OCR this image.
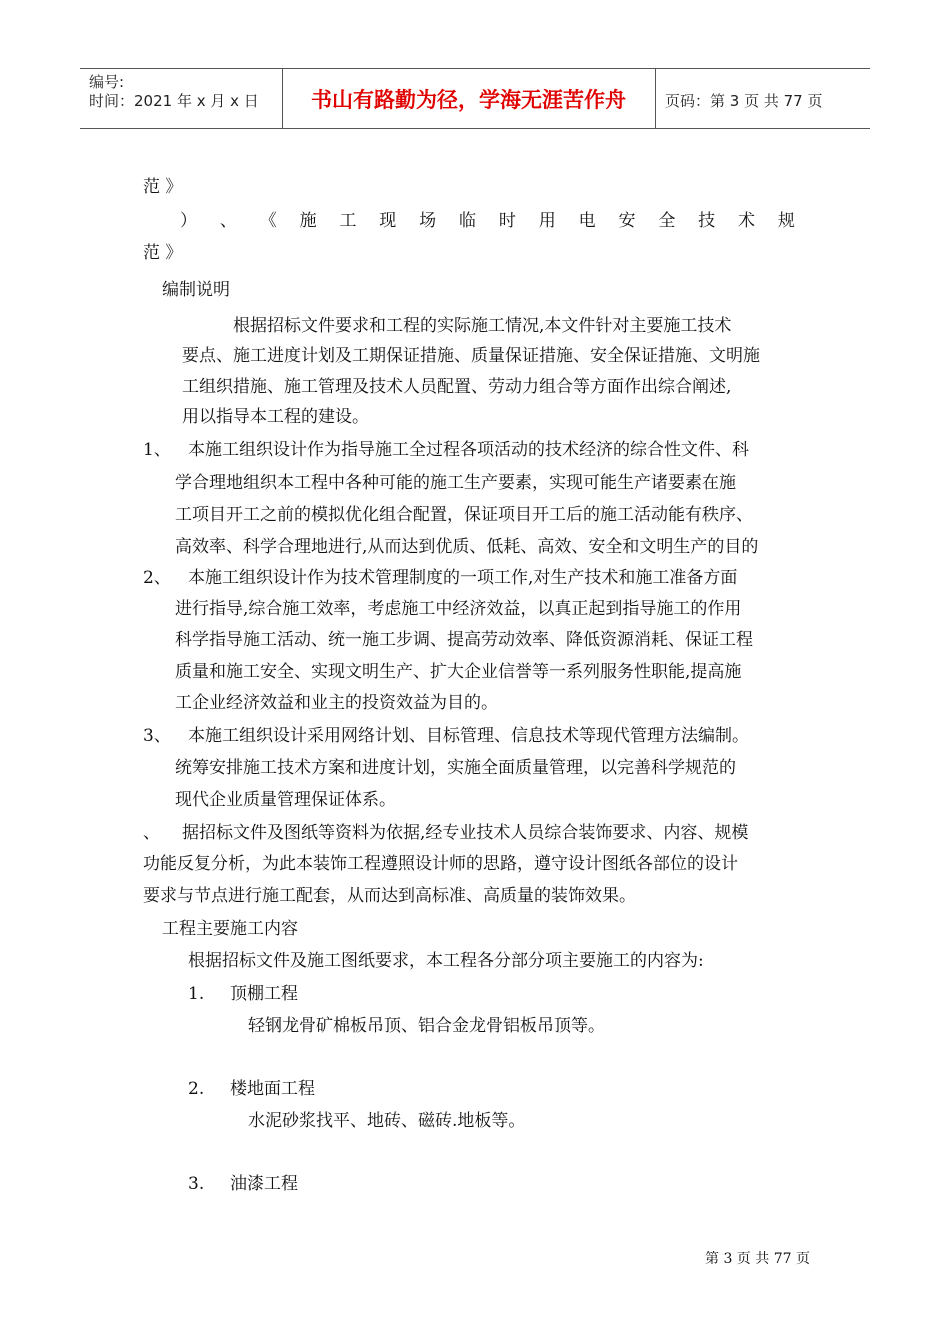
编号:
时间：2021 年 x 月 x 日	书山有路勤为径，学海无涯苦作舟	页码：第 3 页 共 77 页
范 》
） 、 《 施 工 现 场 临 时 用 电 安 全 技 术 规
范 》
编制说明
根据招标文件要求和工程的实际施工情况,本文件针对主要施工技术
要点、施工进度计划及工期保证措施、质量保证措施、安全保证措施、文明施
工组织措施、施工管理及技术人员配置、劳动力组合等方面作出综合阐述,
用以指导本工程的建设。
1、 本施工组织设计作为指导施工全过程各项活动的技术经济的综合性文件、科
学合理地组织本工程中各种可能的施工生产要素，实现可能生产诸要素在施
工项目开工之前的模拟优化组合配置，保证项目开工后的施工活动能有秩序、
高效率、科学合理地进行,从而达到优质、低耗、高效、安全和文明生产的目的
2、 本施工组织设计作为技术管理制度的一项工作,对生产技术和施工准备方面
进行指导,综合施工效率，考虑施工中经济效益，以真正起到指导施工的作用
科学指导施工活动、统一施工步调、提高劳动效率、降低资源消耗、保证工程
质量和施工安全、实现文明生产、扩大企业信誉等一系列服务性职能,提高施
工企业经济效益和业主的投资效益为目的。
3、 本施工组织设计采用网络计划、目标管理、信息技术等现代管理方法编制。
统筹安排施工技术方案和进度计划，实施全面质量管理，以完善科学规范的
现代企业质量管理保证体系。
、 据招标文件及图纸等资料为依据,经专业技术人员综合装饰要求、内容、规模
功能反复分析，为此本装饰工程遵照设计师的思路，遵守设计图纸各部位的设计
要求与节点进行施工配套，从而达到高标准、高质量的装饰效果。
工程主要施工内容
根据招标文件及施工图纸要求，本工程各分部分项主要施工的内容为:
1. 顶棚工程
轻钢龙骨矿棉板吊顶、铝合金龙骨铝板吊顶等。
2. 楼地面工程
水泥砂浆找平、地砖、磁砖.地板等。
3. 油漆工程
第 3 页 共 77 页
